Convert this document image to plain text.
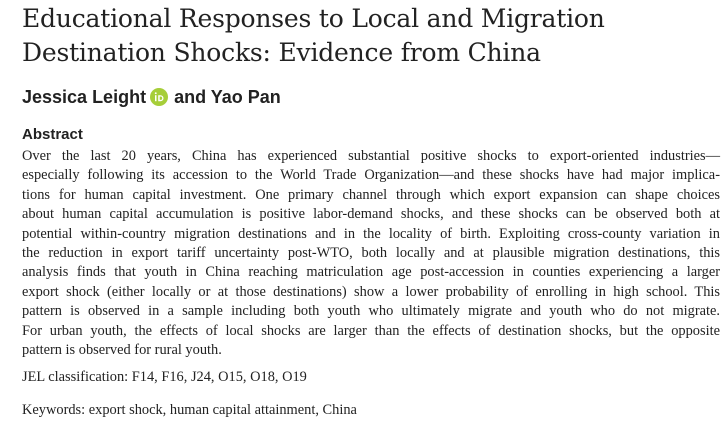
Educational Responses to Local and Migration
Destination Shocks: Evidence from China
Jessica Leight and Yao Pan
Abstract
Over the last 20 years, China has experienced substantial positive shocks to export-oriented industries—
especially following its accession to the World Trade Organization—and these shocks have had major implica-
tions for human capital investment. One primary channel through which export expansion can shape choices
about human capital accumulation is positive labor-demand shocks, and these shocks can be observed both at
potential within-country migration destinations and in the locality of birth. Exploiting cross-county variation in
the reduction in export tariff uncertainty post-WTO, both locally and at plausible migration destinations, this
analysis finds that youth in China reaching matriculation age post-accession in counties experiencing a larger
export shock (either locally or at those destinations) show a lower probability of enrolling in high school. This
pattern is observed in a sample including both youth who ultimately migrate and youth who do not migrate.
For urban youth, the effects of local shocks are larger than the effects of destination shocks, but the opposite
pattern is observed for rural youth.
JEL classification: F14, F16, J24, O15, O18, O19
Keywords: export shock, human capital attainment, China
